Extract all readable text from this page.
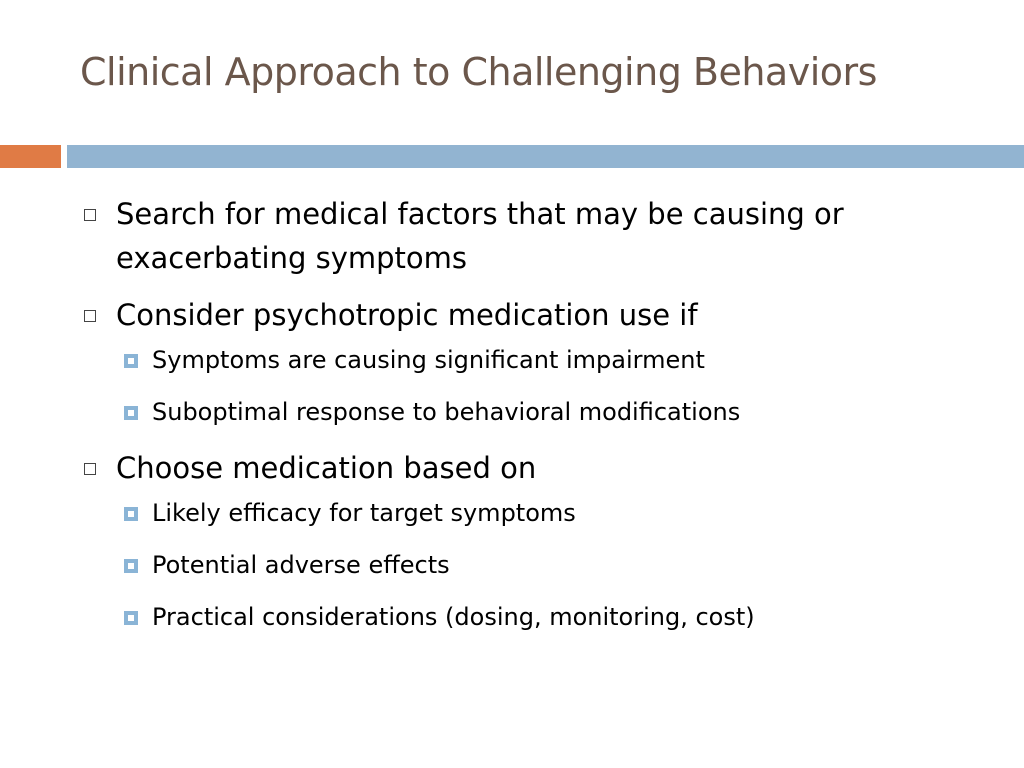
Clinical Approach to Challenging Behaviors
Search for medical factors that may be causing or exacerbating symptoms
Consider psychotropic medication use if
Symptoms are causing significant impairment
Suboptimal response to behavioral modifications
Choose medication based on
Likely efficacy for target symptoms
Potential adverse effects
Practical considerations (dosing, monitoring, cost)
